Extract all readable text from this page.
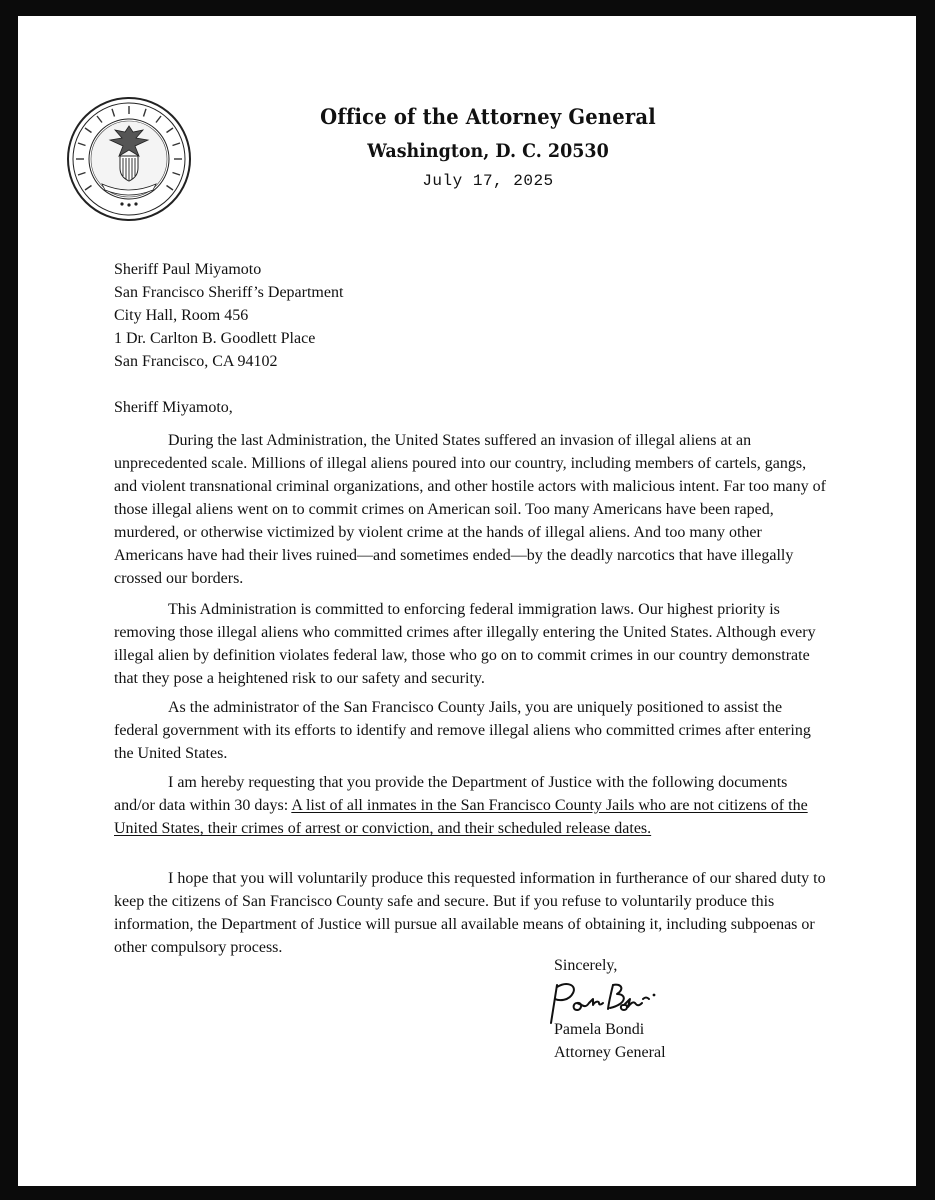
Office of the Attorney General
Washington, D. C. 20530
July 17, 2025
Sheriff Paul Miyamoto
San Francisco Sheriff’s Department
City Hall, Room 456
1 Dr. Carlton B. Goodlett Place
San Francisco, CA 94102
Sheriff Miyamoto,

During the last Administration, the United States suffered an invasion of illegal aliens at an unprecedented scale. Millions of illegal aliens poured into our country, including members of cartels, gangs, and violent transnational criminal organizations, and other hostile actors with malicious intent. Far too many of those illegal aliens went on to commit crimes on American soil. Too many Americans have been raped, murdered, or otherwise victimized by violent crime at the hands of illegal aliens. And too many other Americans have had their lives ruined—and sometimes ended—by the deadly narcotics that have illegally crossed our borders.

This Administration is committed to enforcing federal immigration laws. Our highest priority is removing those illegal aliens who committed crimes after illegally entering the United States. Although every illegal alien by definition violates federal law, those who go on to commit crimes in our country demonstrate that they pose a heightened risk to our safety and security.

As the administrator of the San Francisco County Jails, you are uniquely positioned to assist the federal government with its efforts to identify and remove illegal aliens who committed crimes after entering the United States.

I am hereby requesting that you provide the Department of Justice with the following documents and/or data within 30 days: A list of all inmates in the San Francisco County Jails who are not citizens of the United States, their crimes of arrest or conviction, and their scheduled release dates.

I hope that you will voluntarily produce this requested information in furtherance of our shared duty to keep the citizens of San Francisco County safe and secure. But if you refuse to voluntarily produce this information, the Department of Justice will pursue all available means of obtaining it, including subpoenas or other compulsory process.

Sincerely,
Pamela Bondi
Attorney General
